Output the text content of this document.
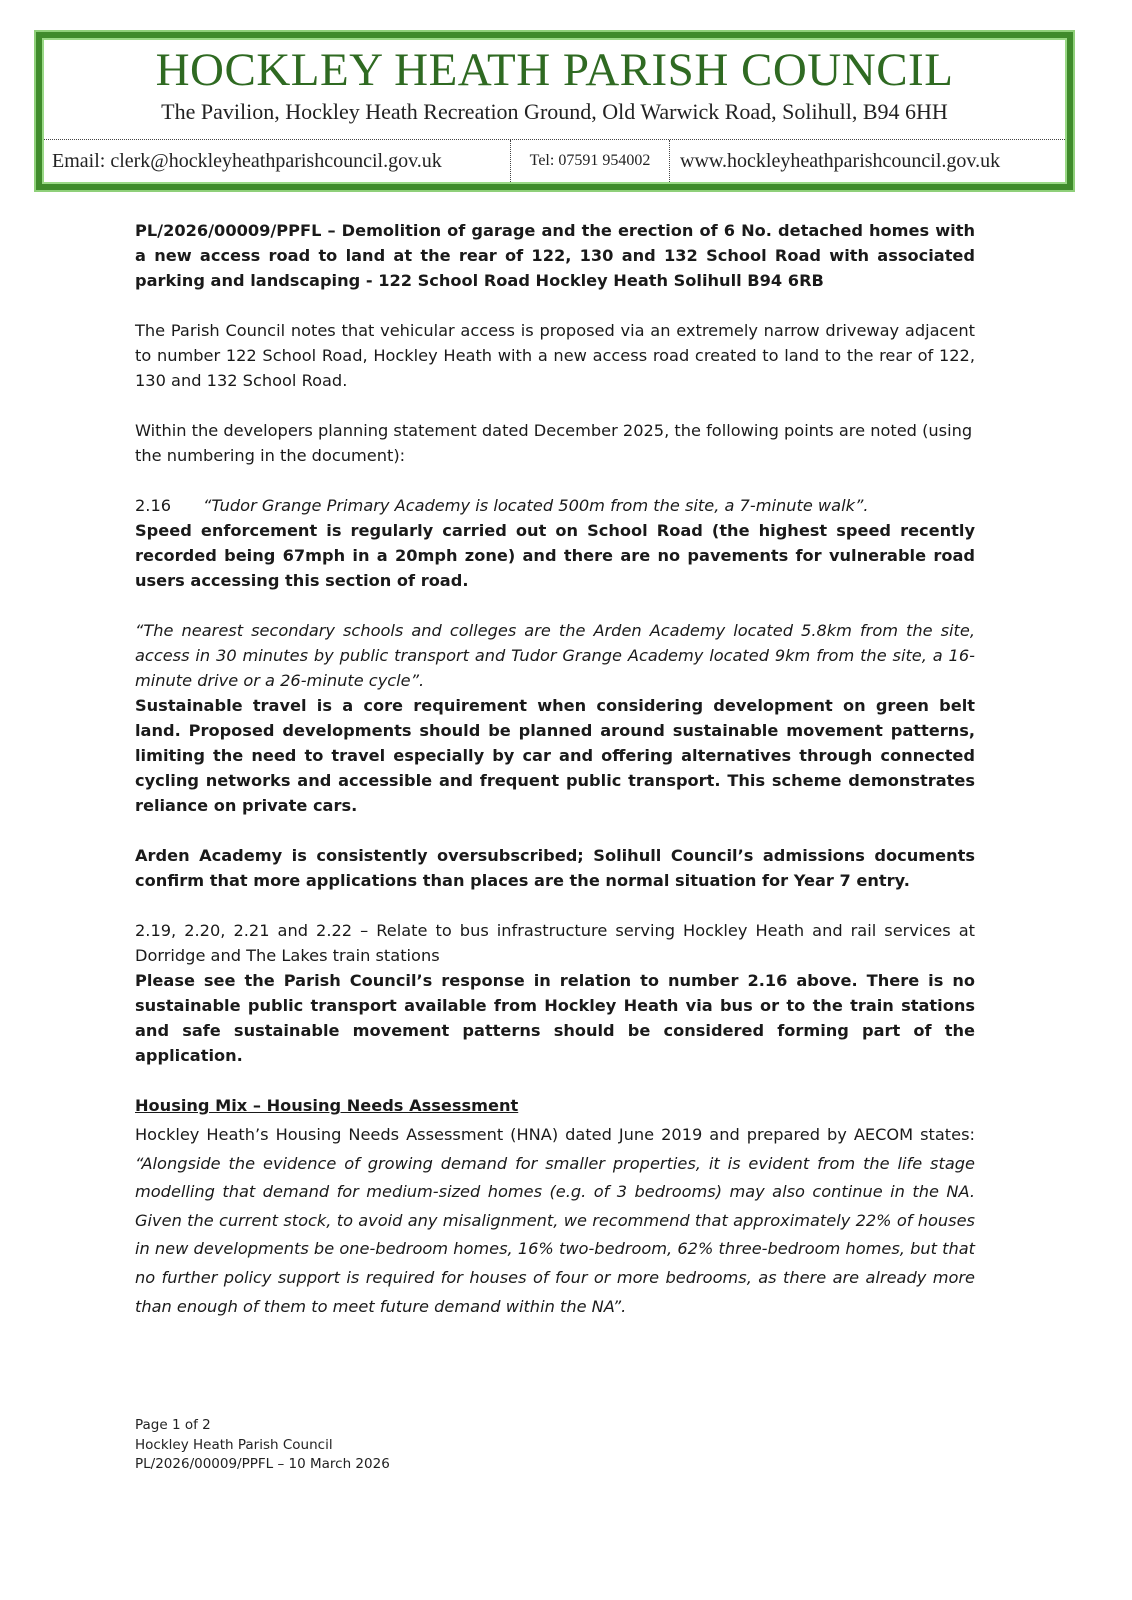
HOCKLEY HEATH PARISH COUNCIL
The Pavilion, Hockley Heath Recreation Ground, Old Warwick Road, Solihull, B94 6HH
Email: clerk@hockleyheathparishcouncil.gov.uk	Tel: 07591 954002	www.hockleyheathparishcouncil.gov.uk
PL/2026/00009/PPFL – Demolition of garage and the erection of 6 No. detached homes with a new access road to land at the rear of 122, 130 and 132 School Road with associated parking and landscaping - 122 School Road Hockley Heath Solihull B94 6RB
The Parish Council notes that vehicular access is proposed via an extremely narrow driveway adjacent to number 122 School Road, Hockley Heath with a new access road created to land to the rear of 122, 130 and 132 School Road.
Within the developers planning statement dated December 2025, the following points are noted (using the numbering in the document):
2.16 “Tudor Grange Primary Academy is located 500m from the site, a 7-minute walk”.
Speed enforcement is regularly carried out on School Road (the highest speed recently recorded being 67mph in a 20mph zone) and there are no pavements for vulnerable road users accessing this section of road.
“The nearest secondary schools and colleges are the Arden Academy located 5.8km from the site, access in 30 minutes by public transport and Tudor Grange Academy located 9km from the site, a 16-minute drive or a 26-minute cycle”.
Sustainable travel is a core requirement when considering development on green belt land. Proposed developments should be planned around sustainable movement patterns, limiting the need to travel especially by car and offering alternatives through connected cycling networks and accessible and frequent public transport. This scheme demonstrates reliance on private cars.
Arden Academy is consistently oversubscribed; Solihull Council’s admissions documents confirm that more applications than places are the normal situation for Year 7 entry.
2.19, 2.20, 2.21 and 2.22 – Relate to bus infrastructure serving Hockley Heath and rail services at Dorridge and The Lakes train stations
Please see the Parish Council’s response in relation to number 2.16 above. There is no sustainable public transport available from Hockley Heath via bus or to the train stations and safe sustainable movement patterns should be considered forming part of the application.
Housing Mix – Housing Needs Assessment
Hockley Heath’s Housing Needs Assessment (HNA) dated June 2019 and prepared by AECOM states: “Alongside the evidence of growing demand for smaller properties, it is evident from the life stage modelling that demand for medium-sized homes (e.g. of 3 bedrooms) may also continue in the NA. Given the current stock, to avoid any misalignment, we recommend that approximately 22% of houses in new developments be one-bedroom homes, 16% two-bedroom, 62% three-bedroom homes, but that no further policy support is required for houses of four or more bedrooms, as there are already more than enough of them to meet future demand within the NA”.
Page 1 of 2
Hockley Heath Parish Council
PL/2026/00009/PPFL – 10 March 2026
